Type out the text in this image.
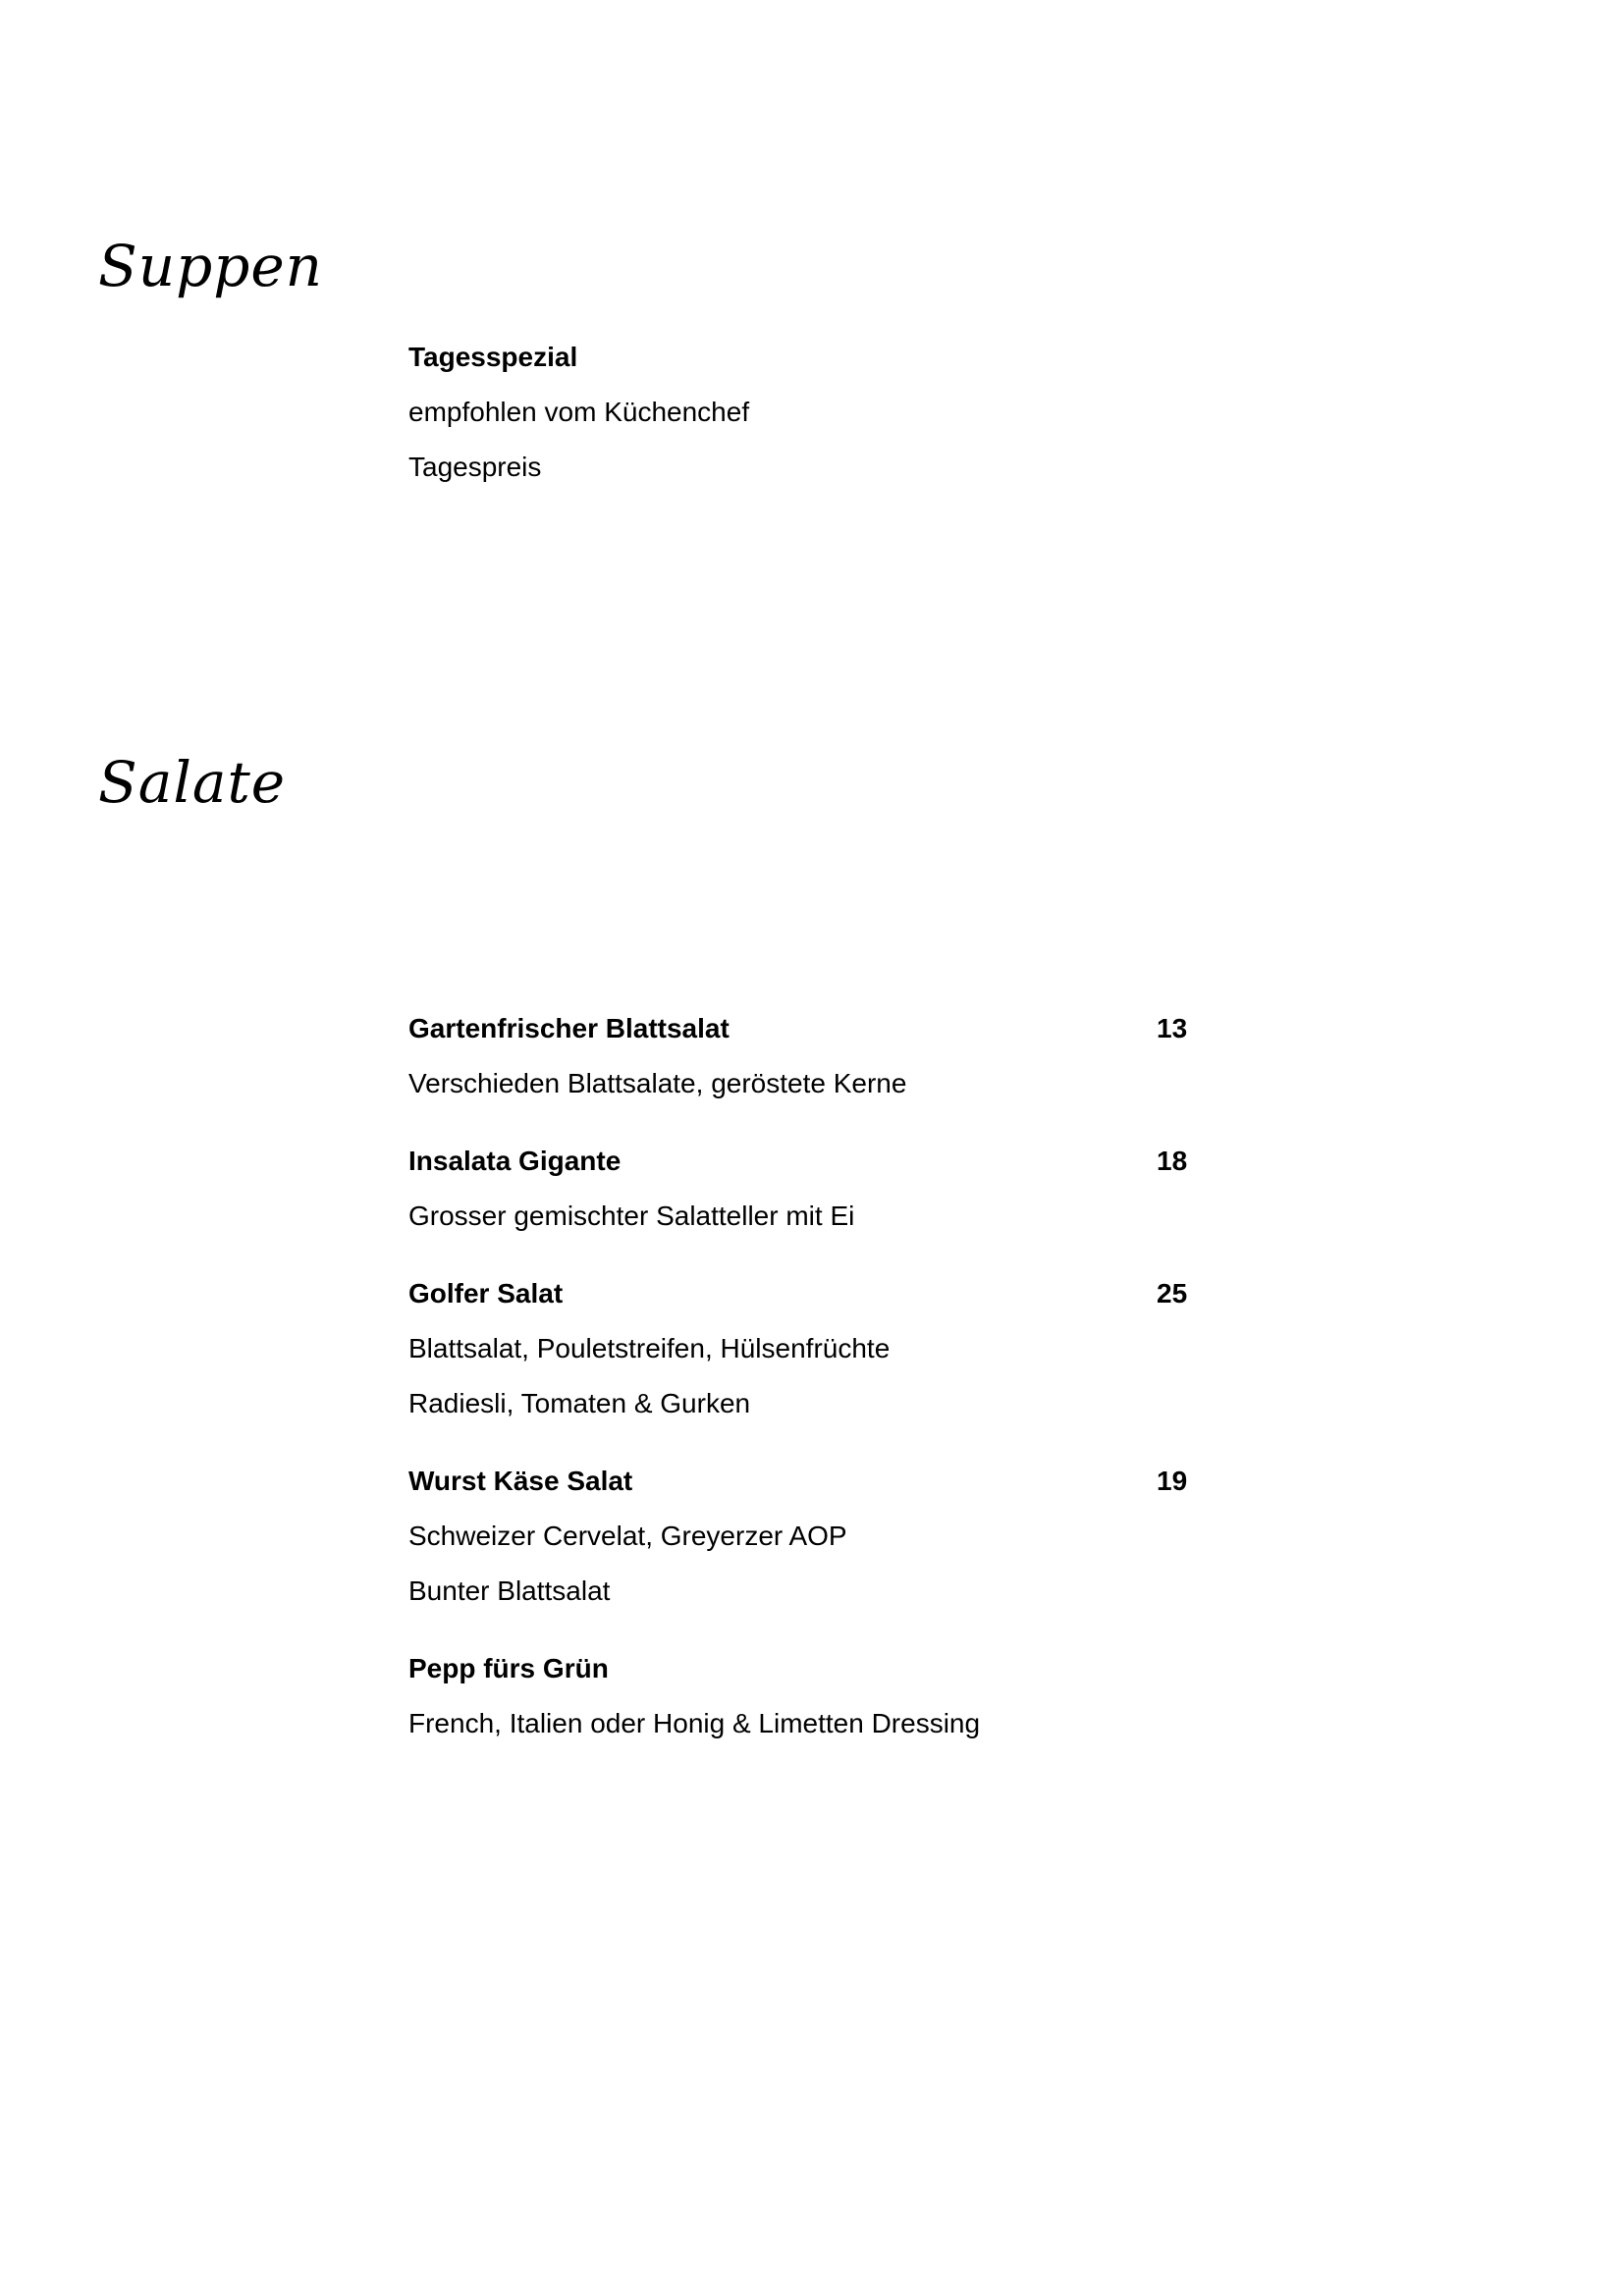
Suppen
Tagesspezial
empfohlen vom Küchenchef
Tagespreis
Salate
Gartenfrischer Blattsalat	13
Verschieden Blattsalate, geröstete Kerne
Insalata Gigante	18
Grosser gemischter Salatteller mit Ei
Golfer Salat	25
Blattsalat, Pouletstreifen, Hülsenfrüchte
Radiesli, Tomaten & Gurken
Wurst Käse Salat	19
Schweizer Cervelat, Greyerzer AOP
Bunter Blattsalat
Pepp fürs Grün
French, Italien oder Honig & Limetten Dressing
